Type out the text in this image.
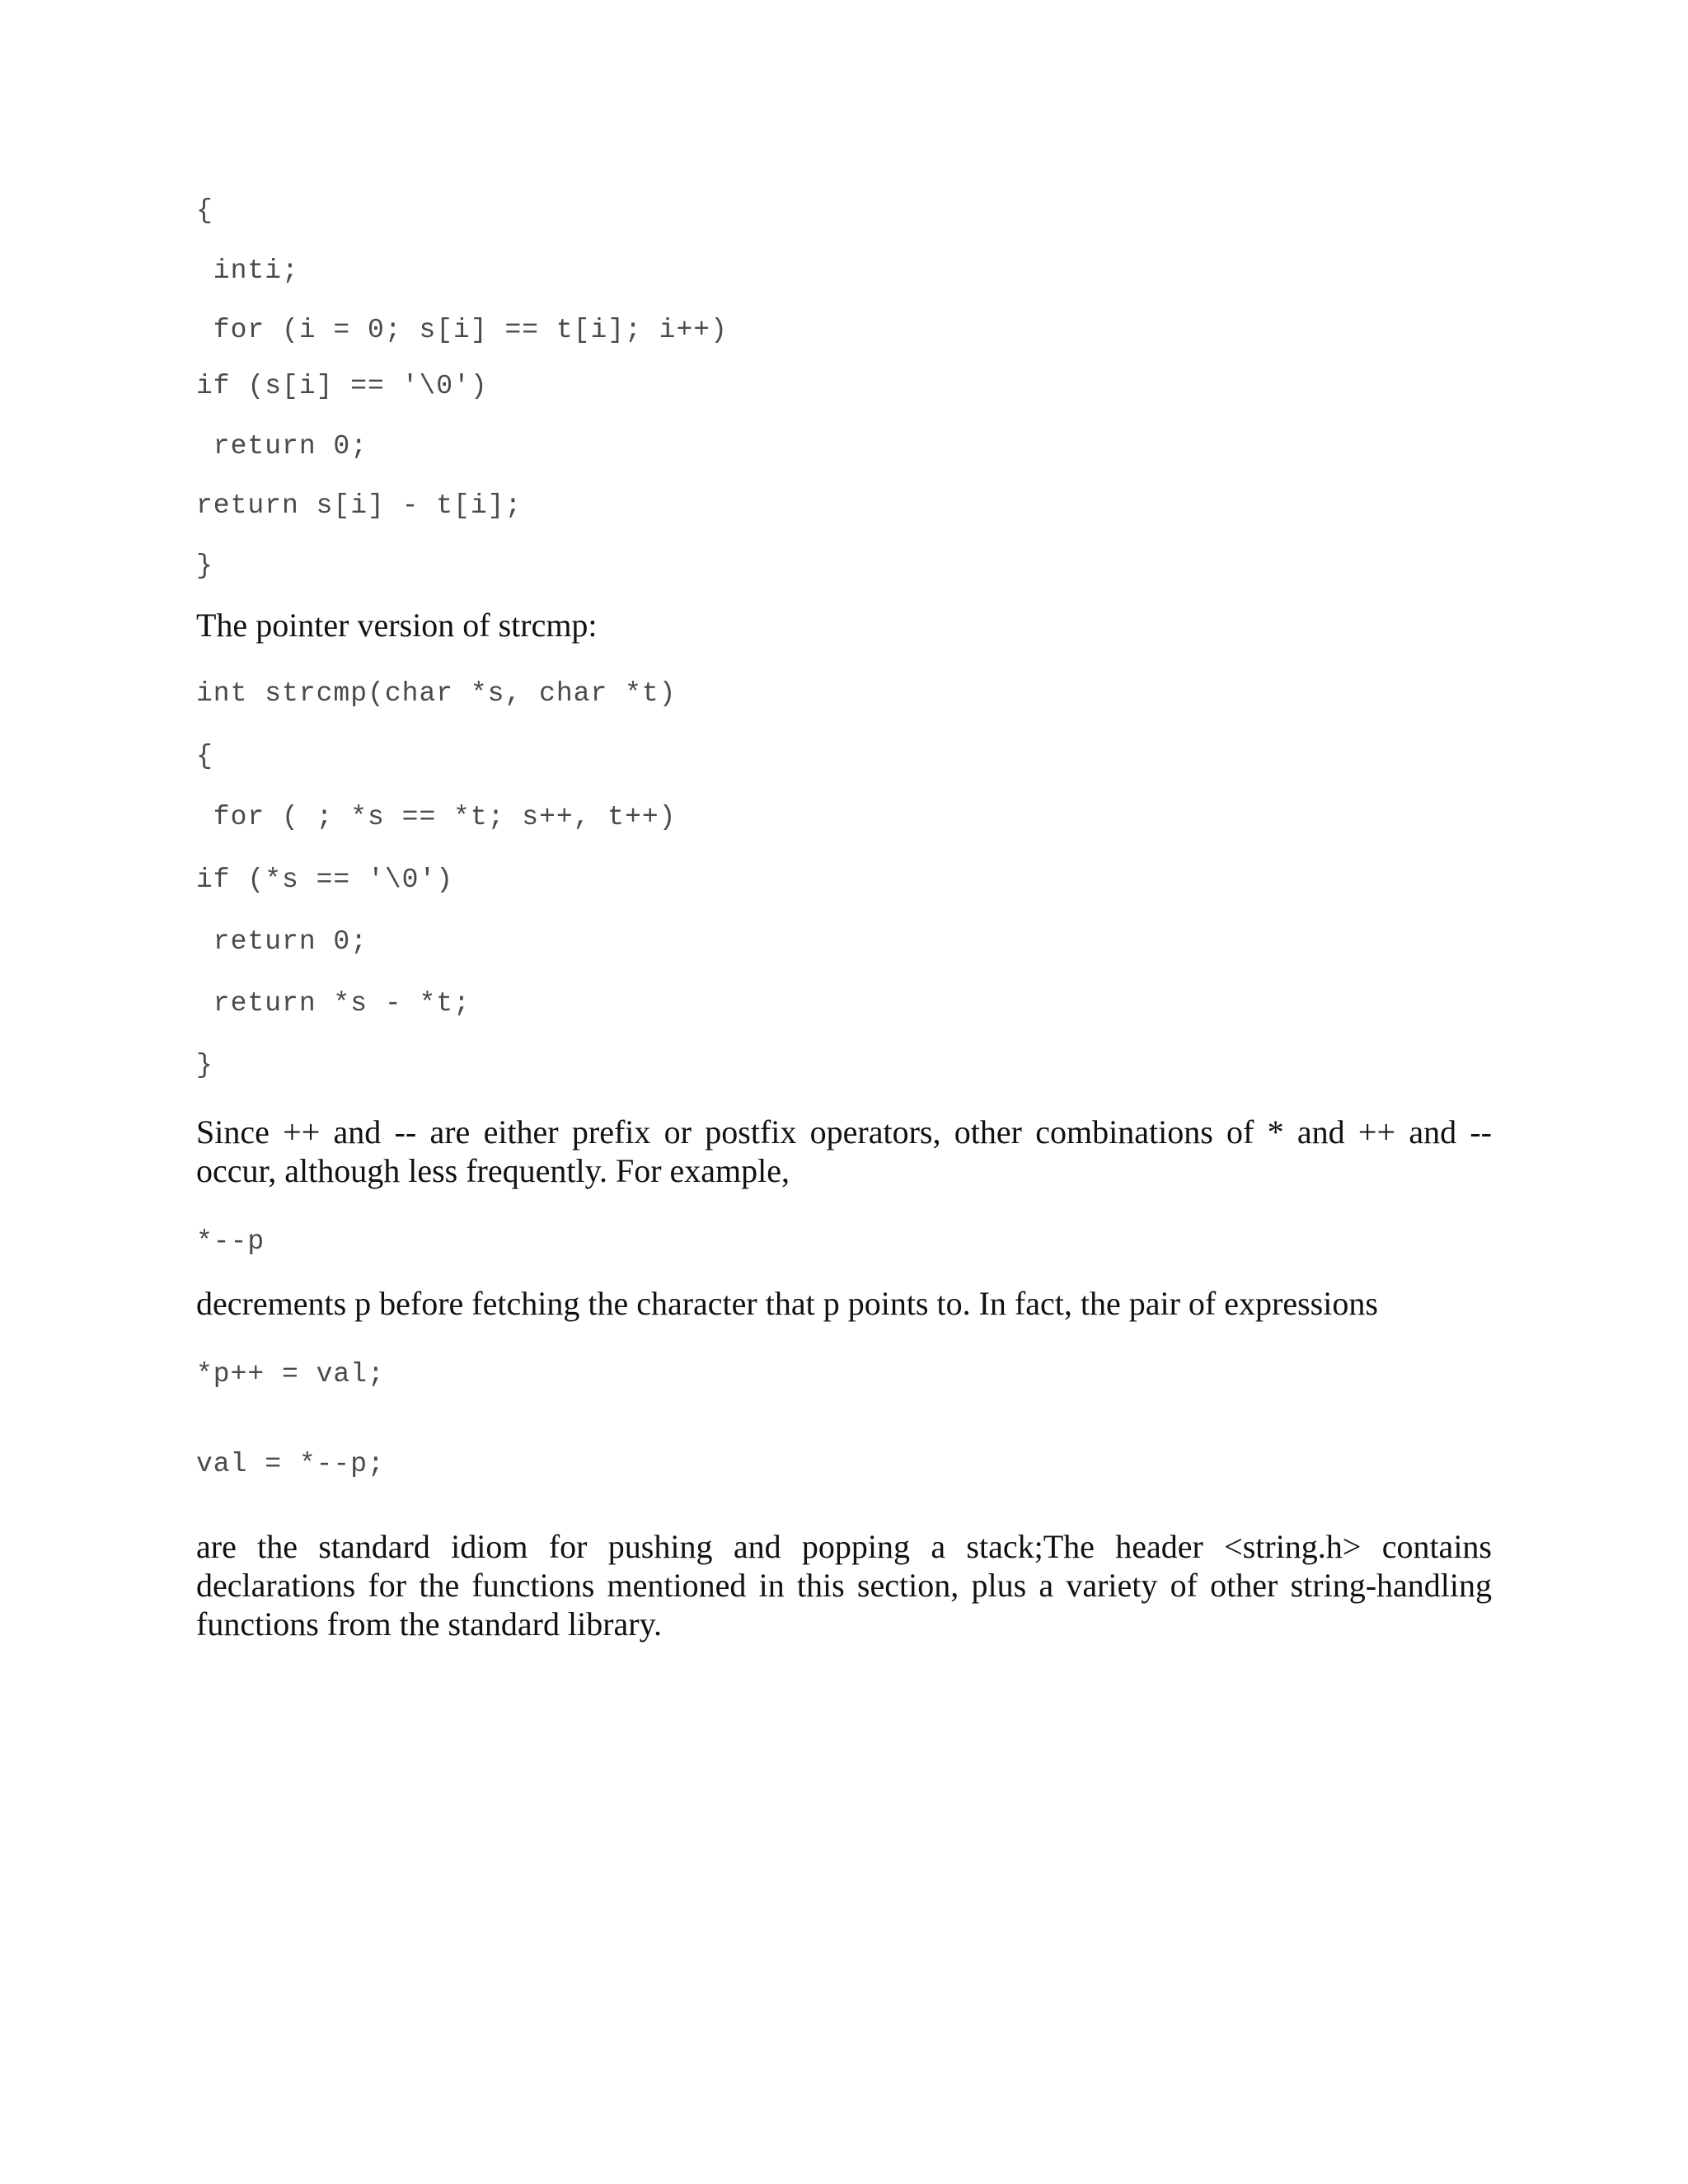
{
inti;
for (i = 0; s[i] == t[i]; i++)
if (s[i] == '\0')
return 0;
return s[i] - t[i];
}

The pointer version of strcmp:

int strcmp(char *s, char *t)
{
for ( ; *s == *t; s++, t++)
if (*s == '\0')
return 0;
return *s - *t;
}

Since ++ and -- are either prefix or postfix operators, other combinations of * and ++ and -- occur, although less frequently. For example,

*--p

decrements p before fetching the character that p points to. In fact, the pair of expressions

*p++ = val;
val = *--p;

are the standard idiom for pushing and popping a stack;The header <string.h> contains declarations for the functions mentioned in this section, plus a variety of other string-handling functions from the standard library.
